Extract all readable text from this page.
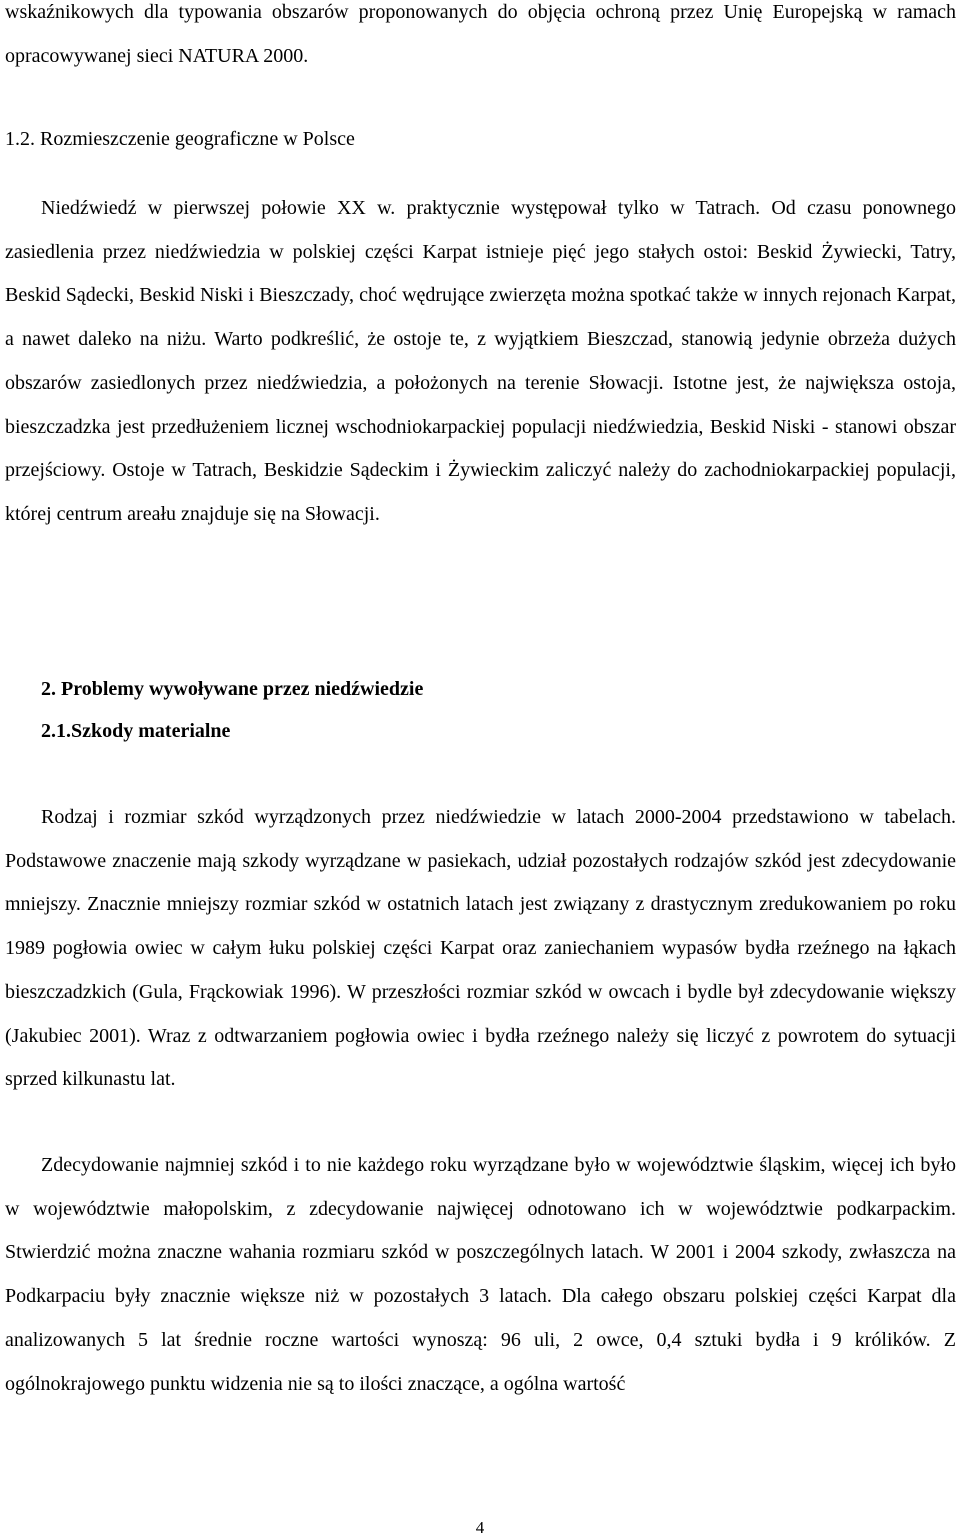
wskaźnikowych dla typowania obszarów proponowanych do objęcia ochroną przez Unię Europejską w ramach opracowywanej sieci NATURA 2000.

1.2. Rozmieszczenie geograficzne w Polsce

Niedźwiedź w pierwszej połowie XX w. praktycznie występował tylko w Tatrach. Od czasu ponownego zasiedlenia przez niedźwiedzia w polskiej części Karpat istnieje pięć jego stałych ostoi: Beskid Żywiecki, Tatry, Beskid Sądecki, Beskid Niski i Bieszczady, choć wędrujące zwierzęta można spotkać także w innych rejonach Karpat, a nawet daleko na niżu. Warto podkreślić, że ostoje te, z wyjątkiem Bieszczad, stanowią jedynie obrzeża dużych obszarów zasiedlonych przez niedźwiedzia, a położonych na terenie Słowacji. Istotne jest, że największa ostoja, bieszczadzka jest przedłużeniem licznej wschodniokarpackiej populacji niedźwiedzia, Beskid Niski - stanowi obszar przejściowy. Ostoje w Tatrach, Beskidzie Sądeckim i Żywieckim zaliczyć należy do zachodniokarpackiej populacji, której centrum areału znajduje się na Słowacji.

2. Problemy wywoływane przez niedźwiedzie

2.1.Szkody materialne

Rodzaj i rozmiar szkód wyrządzonych przez niedźwiedzie w latach 2000-2004 przedstawiono w tabelach. Podstawowe znaczenie mają szkody wyrządzane w pasiekach, udział pozostałych rodzajów szkód jest zdecydowanie mniejszy. Znacznie mniejszy rozmiar szkód w ostatnich latach jest związany z drastycznym zredukowaniem po roku 1989 pogłowia owiec w całym łuku polskiej części Karpat oraz zaniechaniem wypasów bydła rzeźnego na łąkach bieszczadzkich (Gula, Frąckowiak 1996). W przeszłości rozmiar szkód w owcach i bydle był zdecydowanie większy (Jakubiec 2001). Wraz z odtwarzaniem pogłowia owiec i bydła rzeźnego należy się liczyć z powrotem do sytuacji sprzed kilkunastu lat.

Zdecydowanie najmniej szkód i to nie każdego roku wyrządzane było w województwie śląskim, więcej ich było w województwie małopolskim, z zdecydowanie najwięcej odnotowano ich w województwie podkarpackim. Stwierdzić można znaczne wahania rozmiaru szkód w poszczególnych latach. W 2001 i 2004 szkody, zwłaszcza na Podkarpaciu były znacznie większe niż w pozostałych 3 latach. Dla całego obszaru polskiej części Karpat dla analizowanych 5 lat średnie roczne wartości wynoszą: 96 uli, 2 owce, 0,4 sztuki bydła i 9 królików. Z ogólnokrajowego punktu widzenia nie są to ilości znaczące, a ogólna wartość

4
